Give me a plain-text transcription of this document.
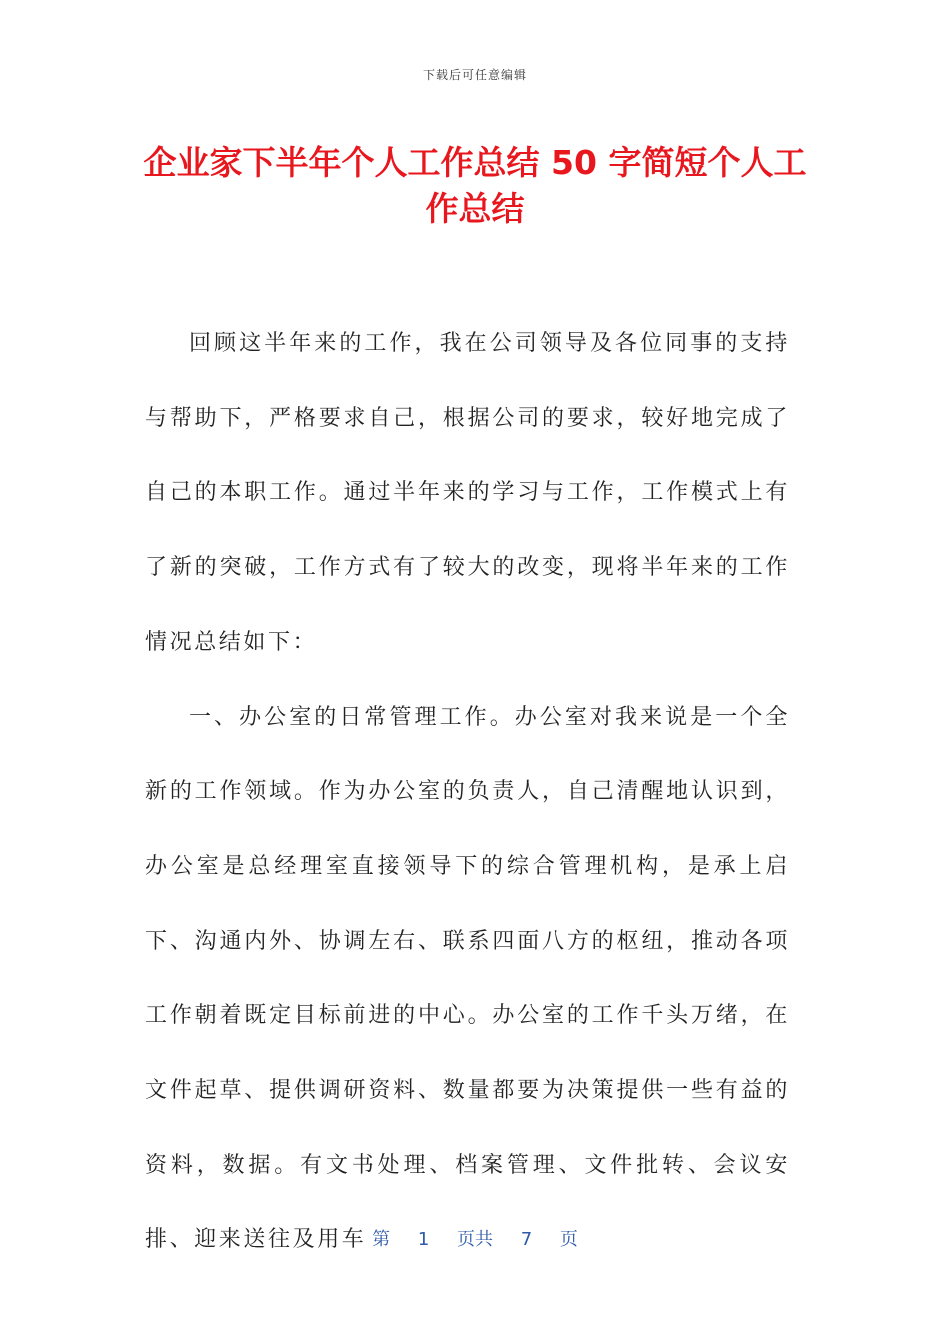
下载后可任意编辑
企业家下半年个人工作总结 50 字简短个人工作总结

回顾这半年来的工作，我在公司领导及各位同事的支持与帮助下，严格要求自己，根据公司的要求，较好地完成了自己的本职工作。通过半年来的学习与工作，工作模式上有了新的突破，工作方式有了较大的改变，现将半年来的工作情况总结如下：

一、办公室的日常管理工作。办公室对我来说是一个全新的工作领域。作为办公室的负责人，自己清醒地认识到，办公室是总经理室直接领导下的综合管理机构，是承上启下、沟通内外、协调左右、联系四面八方的枢纽，推动各项工作朝着既定目标前进的中心。办公室的工作千头万绪，在文件起草、提供调研资料、数量都要为决策提供一些有益的资料，数据。有文书处理、档案管理、文件批转、会议安排、迎来送往及用车 第 1 页共 7 页
